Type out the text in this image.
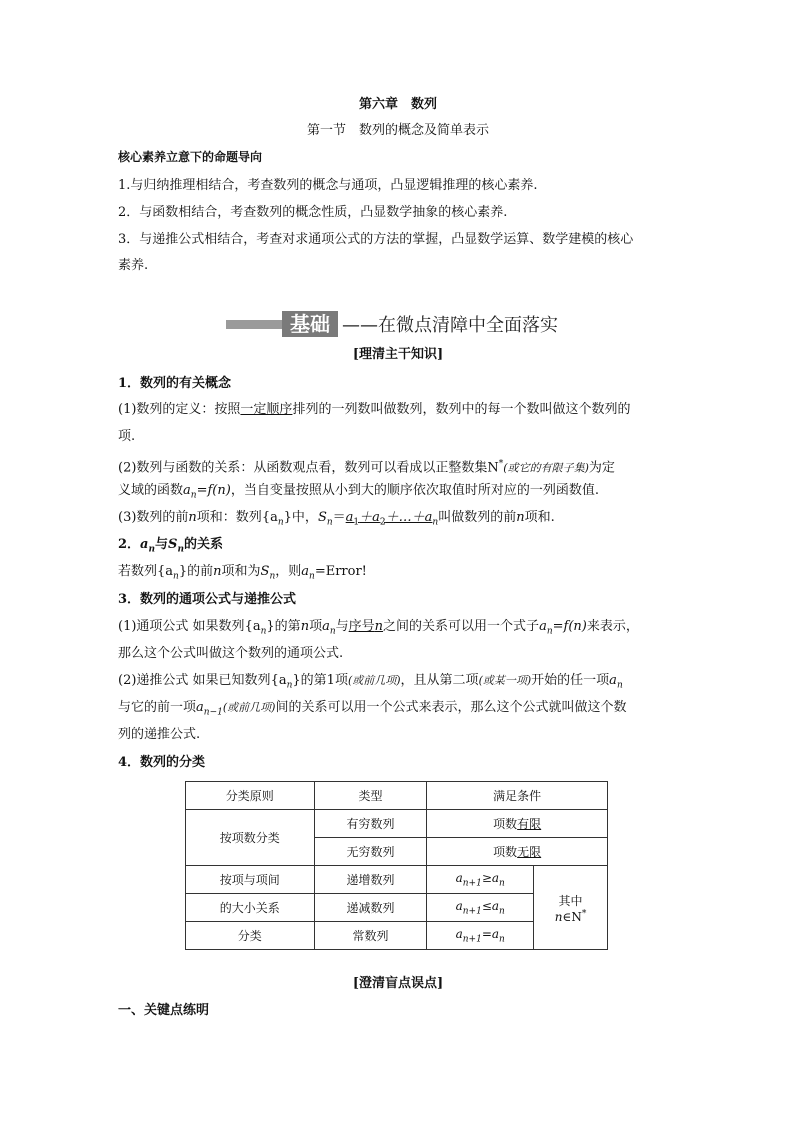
第六章　数列
第一节　数列的概念及简单表示
核心素养立意下的命题导向
1.与归纳推理相结合，考查数列的概念与通项，凸显逻辑推理的核心素养.
2．与函数相结合，考查数列的概念性质，凸显数学抽象的核心素养.
3．与递推公式相结合，考查对求通项公式的方法的掌握，凸显数学运算、数学建模的核心
素养.
基础 ——在微点清障中全面落实
[理清主干知识]
1．数列的有关概念
(1)数列的定义：按照一定顺序排列的一列数叫做数列，数列中的每一个数叫做这个数列的
项.
(2)数列与函数的关系：从函数观点看，数列可以看成以正整数集N*(或它的有限子集)为定
义域的函数$a_n=f(n)$，当自变量按照从小到大的顺序依次取值时所对应的一列函数值.
(3)数列的前n项和：数列$\{a_n\}$中，$S_n=a_1+a_2+\dots+a_n$叫做数列的前n项和.
2．$a_n$与$S_n$的关系
若数列$\{a_n\}$的前n项和为$S_n$，则$a_n=Error$!
3．数列的通项公式与递推公式
(1)通项公式 如果数列$\{a_n\}$的第n项$a_n$与序号n之间的关系可以用一个式子$a_n=f(n)$来表示，
那么这个公式叫做这个数列的通项公式.
(2)递推公式 如果已知数列$\{a_n\}$的第1项(或前几项)，且从第二项(或某一项)开始的任一项$a_n$
与它的前一项$a_{n-1}$(或前几项)间的关系可以用一个公式来表示，那么这个公式就叫做这个数
列的递推公式.
4．数列的分类
分类原则	类型	满足条件	
按项数分类	有穷数列	项数有限	
	无穷数列	项数无限	
按项与项间	递增数列	$a_{n+1}\ge a_n$	其中
n∈N*
的大小关系	递减数列	$a_{n+1}\le a_n$
分类	常数列	$a_{n+1}=a_n$
[澄清盲点误点]
一、关键点练明
